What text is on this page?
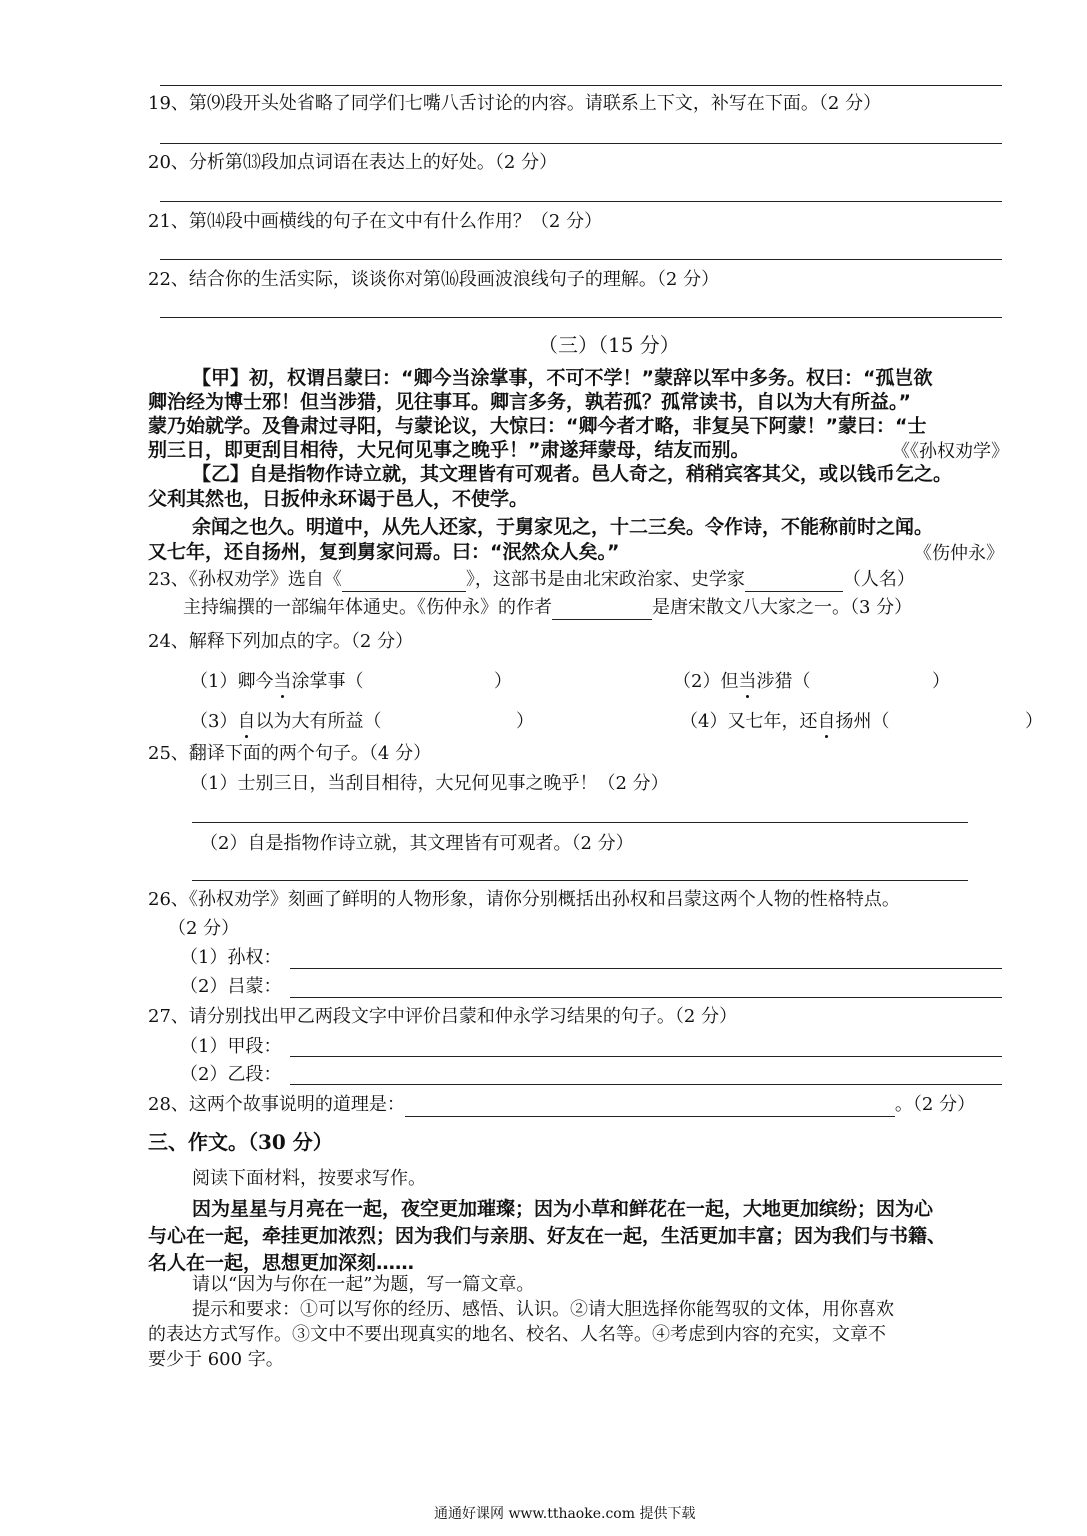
19、第⑼段开头处省略了同学们七嘴八舌讨论的内容。请联系上下文，补写在下面。（2 分）
20、分析第⒀段加点词语在表达上的好处。（2 分）
21、第⒁段中画横线的句子在文中有什么作用？（2 分）
22、结合你的生活实际，谈谈你对第⒃段画波浪线句子的理解。（2 分）
（三）（15 分）
【甲】初，权谓吕蒙曰：“卿今当涂掌事，不可不学！”蒙辞以军中多务。权曰：“孤岂欲
卿治经为博士邪！但当涉猎，见往事耳。卿言多务，孰若孤？孤常读书，自以为大有所益。”
蒙乃始就学。及鲁肃过寻阳，与蒙论议，大惊曰：“卿今者才略，非复吴下阿蒙！”蒙曰：“士
别三日，即更刮目相待，大兄何见事之晚乎！”肃遂拜蒙母，结友而别。	《《孙权劝学》
【乙】自是指物作诗立就，其文理皆有可观者。邑人奇之，稍稍宾客其父，或以钱币乞之。
父利其然也，日扳仲永环谒于邑人，不使学。
余闻之也久。明道中，从先人还家，于舅家见之，十二三矣。令作诗，不能称前时之闻。
又七年，还自扬州，复到舅家问焉。曰：“泯然众人矣。”	《伤仲永》
23、《孙权劝学》选自《	》，这部书是由北宋政治家、史学家	（人名）
主持编撰的一部编年体通史。《伤仲永》的作者	是唐宋散文八大家之一。（3 分）
24、解释下列加点的字。（2 分）
（1）卿今当涂掌事（	）	（2）但当涉猎（	）
（3）自以为大有所益（	）	（4）又七年，还自扬州（	）
25、翻译下面的两个句子。（4 分）
（1）士别三日，当刮目相待，大兄何见事之晚乎！（2 分）
（2）自是指物作诗立就，其文理皆有可观者。（2 分）
26、《孙权劝学》刻画了鲜明的人物形象，请你分别概括出孙权和吕蒙这两个人物的性格特点。
（2 分）
（1）孙权：
（2）吕蒙：
27、请分别找出甲乙两段文字中评价吕蒙和仲永学习结果的句子。（2 分）
（1）甲段：
（2）乙段：
28、这两个故事说明的道理是：	。（2 分）
三、作文。（30 分）
阅读下面材料，按要求写作。
因为星星与月亮在一起，夜空更加璀璨；因为小草和鲜花在一起，大地更加缤纷；因为心
与心在一起，牵挂更加浓烈；因为我们与亲朋、好友在一起，生活更加丰富；因为我们与书籍、
名人在一起，思想更加深刻……
请以“因为与你在一起”为题，写一篇文章。
提示和要求：①可以写你的经历、感悟、认识。②请大胆选择你能驾驭的文体，用你喜欢
的表达方式写作。③文中不要出现真实的地名、校名、人名等。④考虑到内容的充实，文章不
要少于 600 字。
通通好课网 www.tthaoke.com 提供下载
